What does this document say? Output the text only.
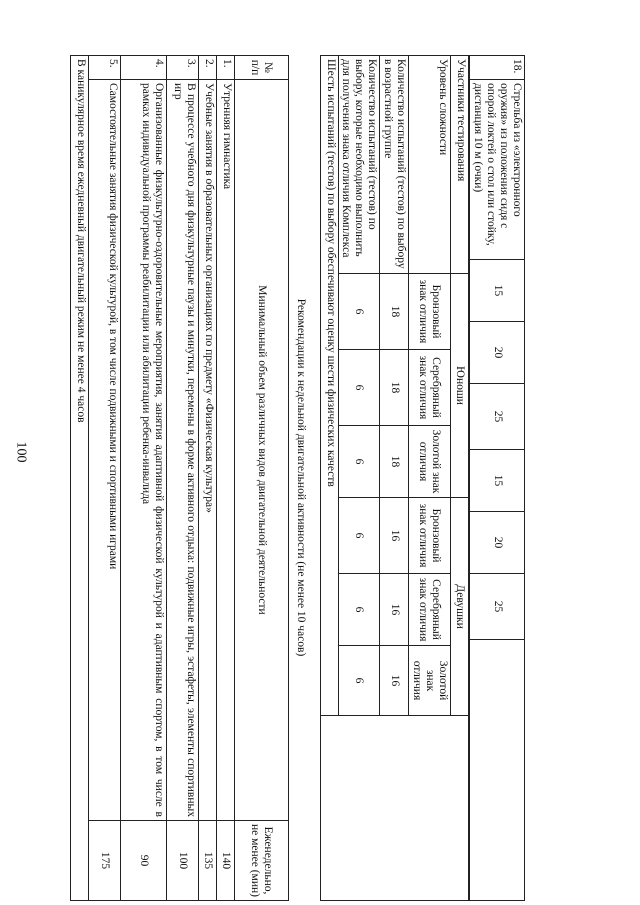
100
18.	Стрельба из «электронного оружия» из положения сидя с опорой локтей о стол или стойку, дистанция 10 м (очки)	15	20	25	15	20	25	
Участники тестирования	Юноши			Девушки			
Уровень сложности	Бронзовый знак отличия	Серебряный знак отличия	Золотой знак отличия	Бронзовый знак отличия	Серебряный знак отличия	Золотой знак отличия	
Количество испытаний (тестов) по выбору в возрастной группе	18	18	18	16	16	16	
Количество испытаний (тестов) по выбору, которые необходимо выполнить для получения знака отличия Комплекса	6	6	6	6	6	6	
Шесть испытаний (тестов) по выбору обеспечивают оценку шести физических качеств							
Рекомендации к недельной двигательной активности (не менее 10 часов)
№ п/п	Минимальный объем различных видов двигательной деятельности	Еженедельно, не менее (мин)
1.	Утренняя гимнастика	140
2.	Учебные занятия в образовательных организациях по предмету «Физическая культура»	135
3.	В процессе учебного дня физкультурные паузы и минутки, перемены в форме активного отдыха: подвижные игры, эстафеты, элементы спортивных игр	100
4.	Организованные физкультурно-оздоровительные мероприятия, занятия адаптивной физической культурой и адаптивным спортом, в том числе в рамках индивидуальной программы реабилитации или абилитации ребенка-инвалида	90
5.	Самостоятельные занятия физической культурой, в том числе подвижными и спортивными играми	175
В каникулярное время ежедневный двигательный режим не менее 4 часов		
